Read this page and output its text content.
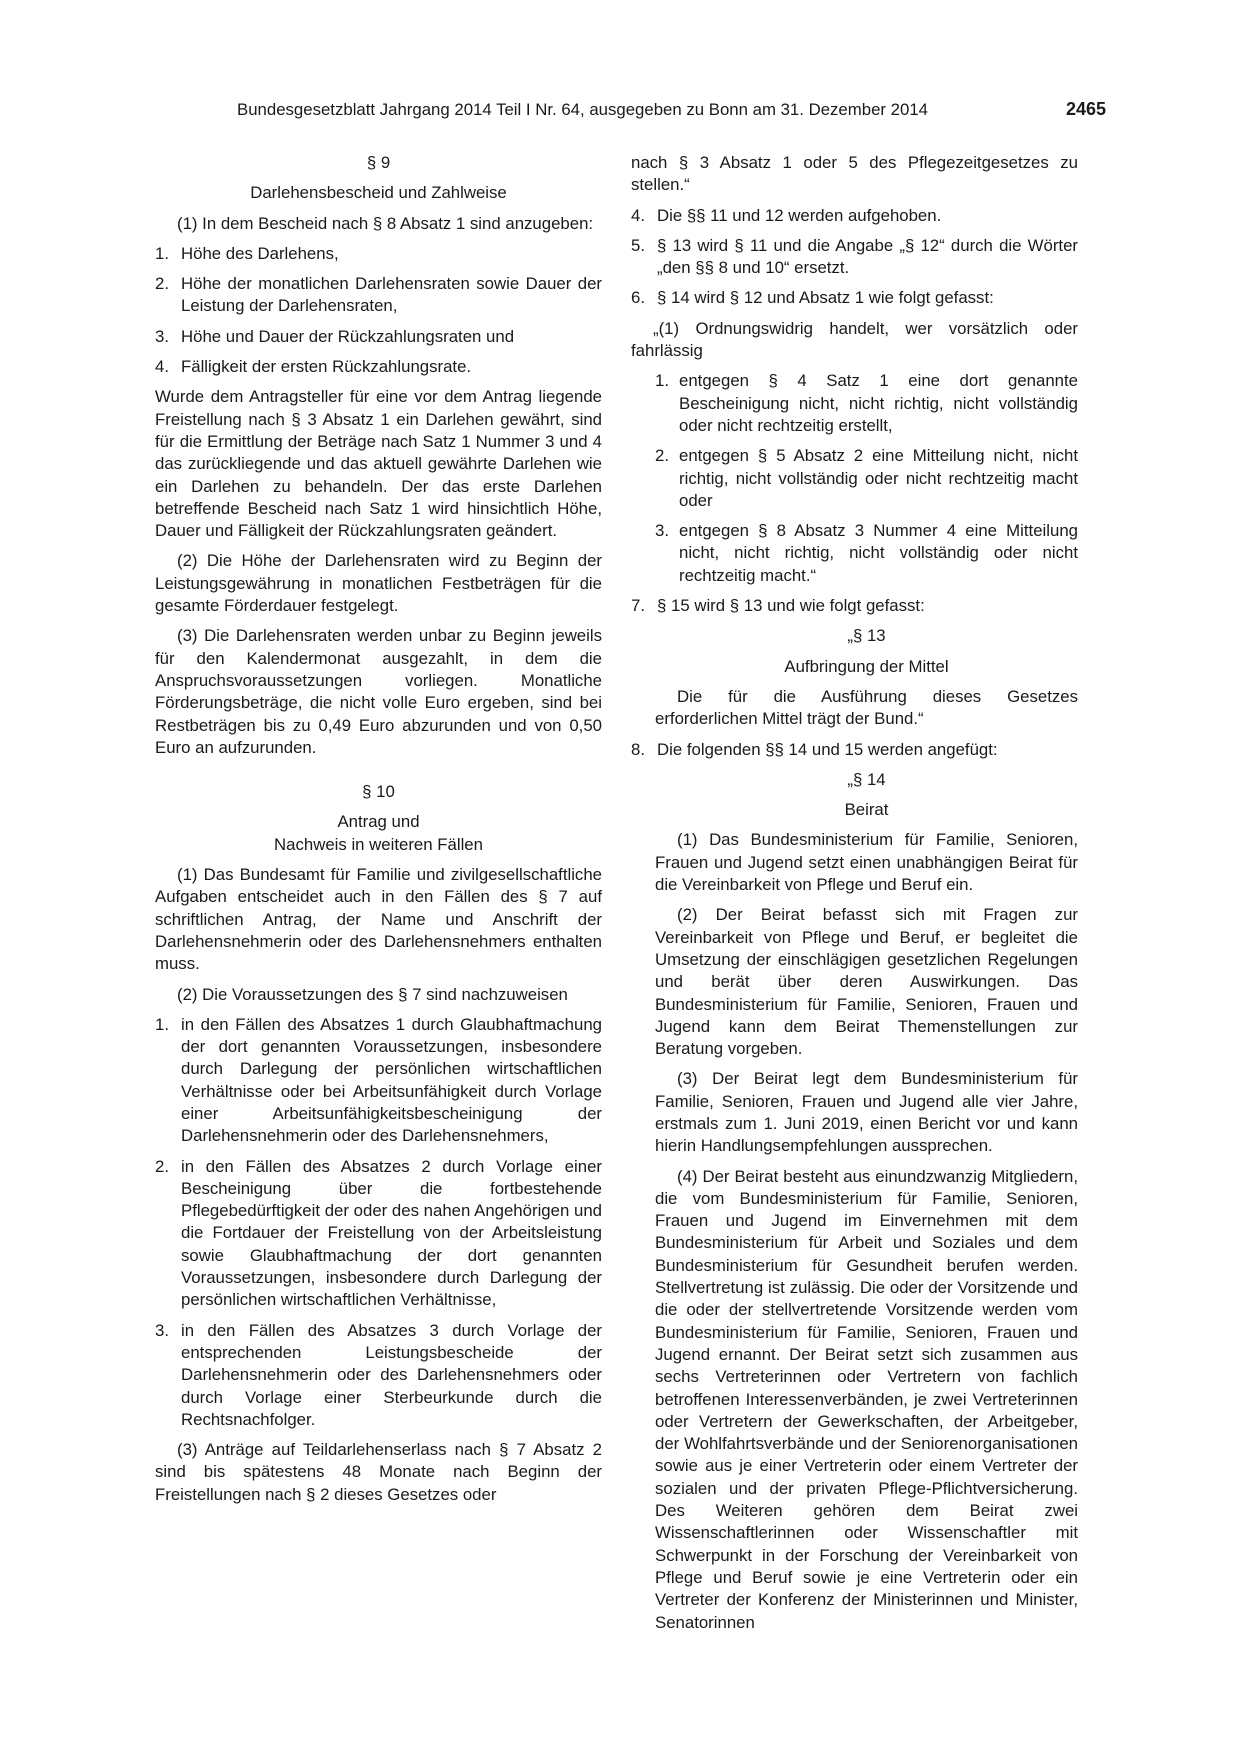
Bundesgesetzblatt Jahrgang 2014 Teil I Nr. 64, ausgegeben zu Bonn am 31. Dezember 2014	2465

§ 9

Darlehensbescheid und Zahlweise

(1) In dem Bescheid nach § 8 Absatz 1 sind anzugeben:

1. Höhe des Darlehens,
2. Höhe der monatlichen Darlehensraten sowie Dauer der Leistung der Darlehensraten,
3. Höhe und Dauer der Rückzahlungsraten und
4. Fälligkeit der ersten Rückzahlungsrate.

Wurde dem Antragsteller für eine vor dem Antrag liegende Freistellung nach § 3 Absatz 1 ein Darlehen gewährt, sind für die Ermittlung der Beträge nach Satz 1 Nummer 3 und 4 das zurückliegende und das aktuell gewährte Darlehen wie ein Darlehen zu behandeln. Der das erste Darlehen betreffende Bescheid nach Satz 1 wird hinsichtlich Höhe, Dauer und Fälligkeit der Rückzahlungsraten geändert.

(2) Die Höhe der Darlehensraten wird zu Beginn der Leistungsgewährung in monatlichen Festbeträgen für die gesamte Förderdauer festgelegt.

(3) Die Darlehensraten werden unbar zu Beginn jeweils für den Kalendermonat ausgezahlt, in dem die Anspruchsvoraussetzungen vorliegen. Monatliche Förderungsbeträge, die nicht volle Euro ergeben, sind bei Restbeträgen bis zu 0,49 Euro abzurunden und von 0,50 Euro an aufzurunden.

§ 10

Antrag und

Nachweis in weiteren Fällen

(1) Das Bundesamt für Familie und zivilgesellschaftliche Aufgaben entscheidet auch in den Fällen des § 7 auf schriftlichen Antrag, der Name und Anschrift der Darlehensnehmerin oder des Darlehensnehmers enthalten muss.

(2) Die Voraussetzungen des § 7 sind nachzuweisen

1. in den Fällen des Absatzes 1 durch Glaubhaftmachung der dort genannten Voraussetzungen, insbesondere durch Darlegung der persönlichen wirtschaftlichen Verhältnisse oder bei Arbeitsunfähigkeit durch Vorlage einer Arbeitsunfähigkeitsbescheinigung der Darlehensnehmerin oder des Darlehensnehmers,
2. in den Fällen des Absatzes 2 durch Vorlage einer Bescheinigung über die fortbestehende Pflegebedürftigkeit der oder des nahen Angehörigen und die Fortdauer der Freistellung von der Arbeitsleistung sowie Glaubhaftmachung der dort genannten Voraussetzungen, insbesondere durch Darlegung der persönlichen wirtschaftlichen Verhältnisse,
3. in den Fällen des Absatzes 3 durch Vorlage der entsprechenden Leistungsbescheide der Darlehensnehmerin oder des Darlehensnehmers oder durch Vorlage einer Sterbeurkunde durch die Rechtsnachfolger.

(3) Anträge auf Teildarlehenserlass nach § 7 Absatz 2 sind bis spätestens 48 Monate nach Beginn der Freistellungen nach § 2 dieses Gesetzes oder

nach § 3 Absatz 1 oder 5 des Pflegezeitgesetzes zu stellen.“

4. Die §§ 11 und 12 werden aufgehoben.
5. § 13 wird § 11 und die Angabe „§ 12“ durch die Wörter „den §§ 8 und 10“ ersetzt.
6. § 14 wird § 12 und Absatz 1 wie folgt gefasst:

„(1) Ordnungswidrig handelt, wer vorsätzlich oder fahrlässig

1. entgegen § 4 Satz 1 eine dort genannte Bescheinigung nicht, nicht richtig, nicht vollständig oder nicht rechtzeitig erstellt,
2. entgegen § 5 Absatz 2 eine Mitteilung nicht, nicht richtig, nicht vollständig oder nicht rechtzeitig macht oder
3. entgegen § 8 Absatz 3 Nummer 4 eine Mitteilung nicht, nicht richtig, nicht vollständig oder nicht rechtzeitig macht.“
7. § 15 wird § 13 und wie folgt gefasst:

„§ 13

Aufbringung der Mittel

Die für die Ausführung dieses Gesetzes erforderlichen Mittel trägt der Bund.“

8. Die folgenden §§ 14 und 15 werden angefügt:

„§ 14

Beirat

(1) Das Bundesministerium für Familie, Senioren, Frauen und Jugend setzt einen unabhängigen Beirat für die Vereinbarkeit von Pflege und Beruf ein.

(2) Der Beirat befasst sich mit Fragen zur Vereinbarkeit von Pflege und Beruf, er begleitet die Umsetzung der einschlägigen gesetzlichen Regelungen und berät über deren Auswirkungen. Das Bundesministerium für Familie, Senioren, Frauen und Jugend kann dem Beirat Themenstellungen zur Beratung vorgeben.

(3) Der Beirat legt dem Bundesministerium für Familie, Senioren, Frauen und Jugend alle vier Jahre, erstmals zum 1. Juni 2019, einen Bericht vor und kann hierin Handlungsempfehlungen aussprechen.

(4) Der Beirat besteht aus einundzwanzig Mitgliedern, die vom Bundesministerium für Familie, Senioren, Frauen und Jugend im Einvernehmen mit dem Bundesministerium für Arbeit und Soziales und dem Bundesministerium für Gesundheit berufen werden. Stellvertretung ist zulässig. Die oder der Vorsitzende und die oder der stellvertretende Vorsitzende werden vom Bundesministerium für Familie, Senioren, Frauen und Jugend ernannt. Der Beirat setzt sich zusammen aus sechs Vertreterinnen oder Vertretern von fachlich betroffenen Interessenverbänden, je zwei Vertreterinnen oder Vertretern der Gewerkschaften, der Arbeitgeber, der Wohlfahrtsverbände und der Seniorenorganisationen sowie aus je einer Vertreterin oder einem Vertreter der sozialen und der privaten Pflege-Pflichtversicherung. Des Weiteren gehören dem Beirat zwei Wissenschaftlerinnen oder Wissenschaftler mit Schwerpunkt in der Forschung der Vereinbarkeit von Pflege und Beruf sowie je eine Vertreterin oder ein Vertreter der Konferenz der Ministerinnen und Minister, Senatorinnen
